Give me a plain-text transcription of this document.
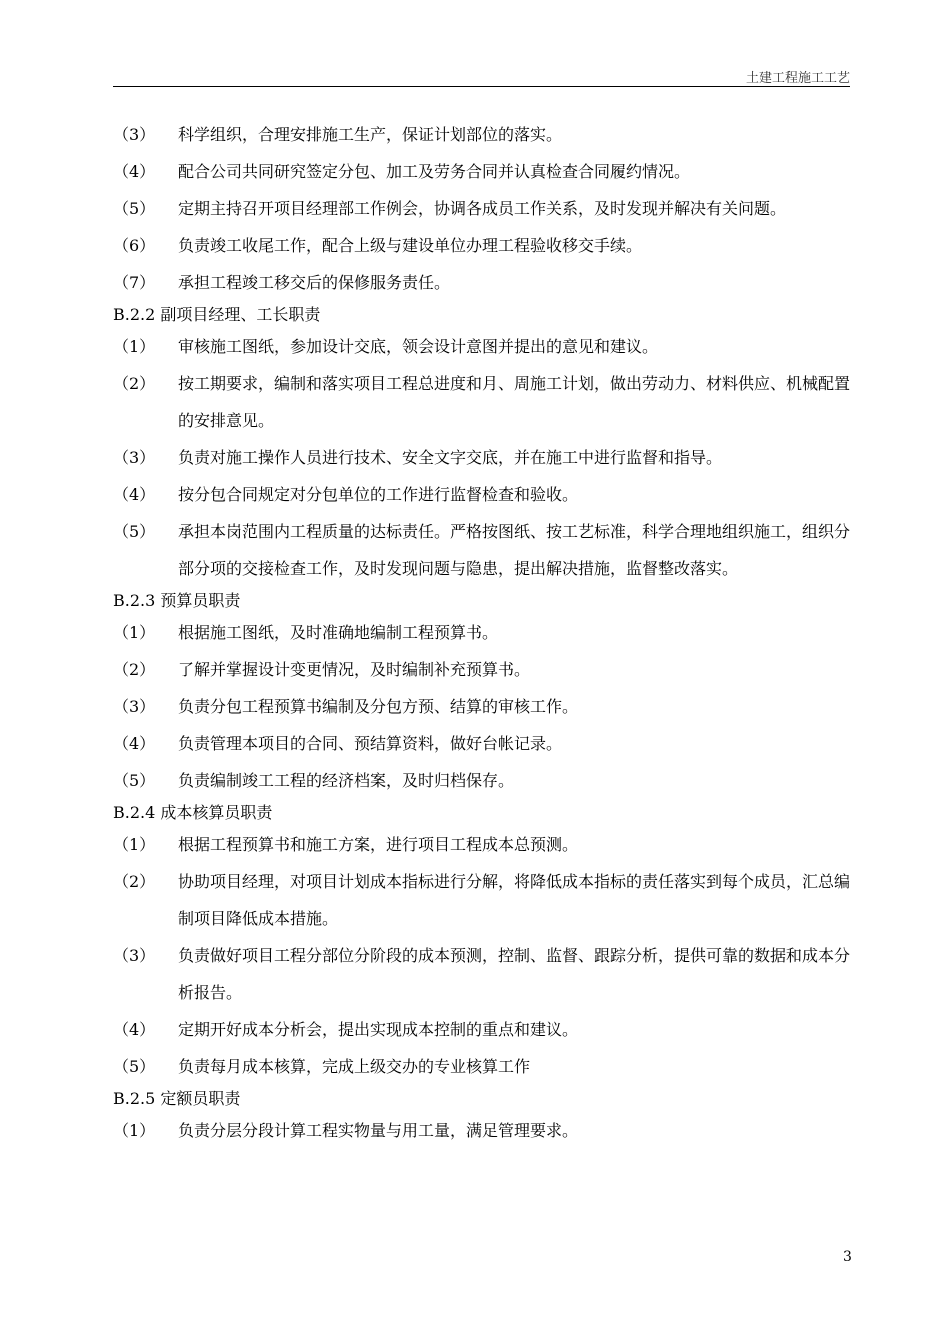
土建工程施工工艺
（3）	科学组织，合理安排施工生产，保证计划部位的落实。
（4）	配合公司共同研究签定分包、加工及劳务合同并认真检查合同履约情况。
（5）	定期主持召开项目经理部工作例会，协调各成员工作关系，及时发现并解决有关问题。
（6）	负责竣工收尾工作，配合上级与建设单位办理工程验收移交手续。
（7）	承担工程竣工移交后的保修服务责任。
B.2.2 副项目经理、工长职责
（1）	审核施工图纸，参加设计交底，领会设计意图并提出的意见和建议。
（2）	按工期要求，编制和落实项目工程总进度和月、周施工计划，做出劳动力、材料供应、机械配置的安排意见。
（3）	负责对施工操作人员进行技术、安全文字交底，并在施工中进行监督和指导。
（4）	按分包合同规定对分包单位的工作进行监督检查和验收。
（5）	承担本岗范围内工程质量的达标责任。严格按图纸、按工艺标准，科学合理地组织施工，组织分部分项的交接检查工作，及时发现问题与隐患，提出解决措施，监督整改落实。
B.2.3 预算员职责
（1）	根据施工图纸，及时准确地编制工程预算书。
（2）	了解并掌握设计变更情况，及时编制补充预算书。
（3）	负责分包工程预算书编制及分包方预、结算的审核工作。
（4）	负责管理本项目的合同、预结算资料，做好台帐记录。
（5）	负责编制竣工工程的经济档案，及时归档保存。
B.2.4 成本核算员职责
（1）	根据工程预算书和施工方案，进行项目工程成本总预测。
（2）	协助项目经理，对项目计划成本指标进行分解，将降低成本指标的责任落实到每个成员，汇总编制项目降低成本措施。
（3）	负责做好项目工程分部位分阶段的成本预测，控制、监督、跟踪分析，提供可靠的数据和成本分析报告。
（4）	定期开好成本分析会，提出实现成本控制的重点和建议。
（5）	负责每月成本核算，完成上级交办的专业核算工作
B.2.5 定额员职责
（1）	负责分层分段计算工程实物量与用工量，满足管理要求。
3
